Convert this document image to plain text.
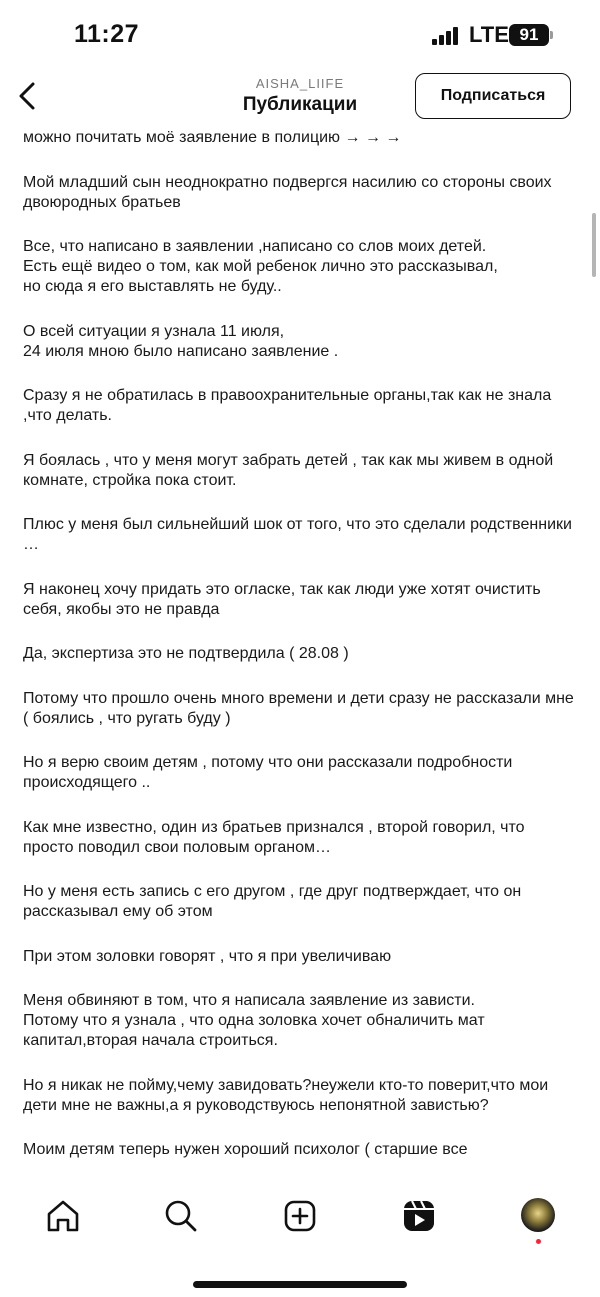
11:27	LTE 91
AISHA_LIIFE
Публикации	Подписаться

можно почитать моё заявление в полицию → → →

Мой младший сын неоднократно подвергся насилию со стороны своих двоюродных братьев

Все, что написано в заявлении ,написано со слов моих детей.
Есть ещё видео о том, как мой ребенок лично это рассказывал,
но сюда я его выставлять не буду..

О всей ситуации я узнала 11 июля,
24 июля мною было написано заявление .

Сразу я не обратилась в правоохранительные органы,так как не знала ,что делать.

Я боялась , что у меня могут забрать детей , так как мы живем в одной комнате, стройка пока стоит.

Плюс у меня был сильнейший шок от того, что это сделали родственники …

Я наконец хочу придать это огласке, так как люди уже хотят очистить себя, якобы это не правда

Да, экспертиза это не подтвердила ( 28.08 )

Потому что прошло очень много времени и дети сразу не рассказали мне ( боялись , что ругать буду )

Но я верю своим детям , потому что они рассказали подробности происходящего ..

Как мне известно, один из братьев признался , второй говорил, что просто поводил свои половым органом…

Но у меня есть запись с его другом , где друг подтверждает, что он рассказывал ему об этом

При этом золовки говорят , что я при увеличиваю

Меня обвиняют в том, что я написала заявление из зависти.
Потому что я узнала , что одна золовка хочет обналичить мат капитал,вторая начала строиться.

Но я никак не пойму,чему завидовать?неужели кто-то поверит,что мои дети мне не важны,а я руководствуюсь непонятной завистью?

Моим детям теперь нужен хороший психолог ( старшие все
